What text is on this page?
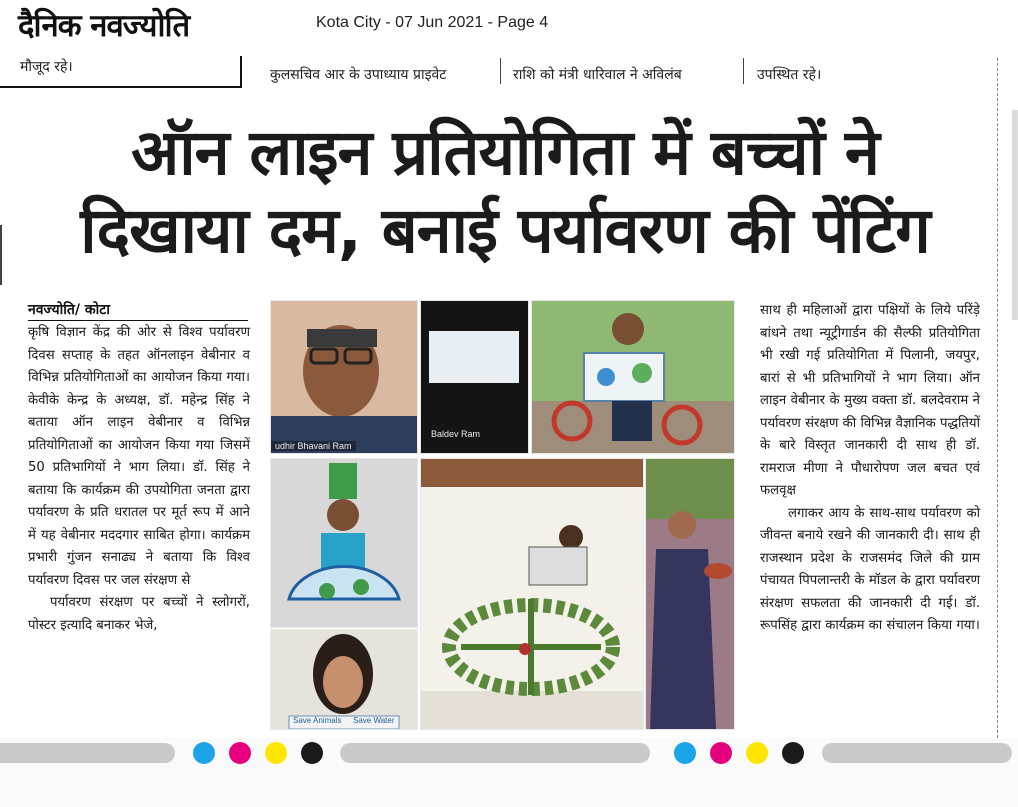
दैनिक नवज्योति	Kota City - 07 Jun 2021 - Page 4
मौजूद रहे।	कुलसचिव आर के उपाध्याय प्राइवेट	राशि को मंत्री धारिवाल ने अविलंब	उपस्थित रहे।
ऑन लाइन प्रतियोगिता में बच्चों ने
दिखाया दम, बनाई पर्यावरण की पेंटिंग
नवज्योति/ कोटा
कृषि विज्ञान केंद्र की ओर से विश्व पर्यावरण दिवस सप्ताह के तहत ऑनलाइन वेबीनार व विभिन्न प्रतियोगिताओं का आयोजन किया गया। केवीके केन्द्र के अध्यक्ष, डॉ. महेन्द्र सिंह ने बताया ऑन लाइन वेबीनार व विभिन्न प्रतियोगिताओं का आयोजन किया गया जिसमें 50 प्रतिभागियों ने भाग लिया। डॉ. सिंह ने बताया कि कार्यक्रम की उपयोगिता जनता द्वारा पर्यावरण के प्रति धरातल पर मूर्त रूप में आने में यह वेबीनार मददगार साबित होगा। कार्यक्रम प्रभारी गुंजन सनाढ्य ने बताया कि विश्व पर्यावरण दिवस पर जल संरक्षण से
पर्यावरण संरक्षण पर बच्चों ने स्लोगरों, पोस्टर इत्यादि बनाकर भेजे,
udhir Bhavani Ram
Baldev Ram
Save Animals Save Water
साथ ही महिलाओं द्वारा पक्षियों के लिये परिंड़े बांधने तथा न्यूट्रीगार्डन की सैल्फी प्रतियोगिता भी रखी गई प्रतियोगिता में पिलानी, जयपुर, बारां से भी प्रतिभागियों ने भाग लिया। ऑन लाइन वेबीनार के मुख्य वक्ता डॉ. बलदेवराम ने पर्यावरण संरक्षण की विभिन्न वैज्ञानिक पद्धतियों के बारे विस्तृत जानकारी दी साथ ही डॉ. रामराज मीणा ने पौधारोपण जल बचत एवं फलवृक्ष
लगाकर आय के साथ-साथ पर्यावरण को जीवन्त बनाये रखने की जानकारी दी। साथ ही राजस्थान प्रदेश के राजसमंद जिले की ग्राम पंचायत पिपलान्तरी के मॉडल के द्वारा पर्यावरण संरक्षण सफलता की जानकारी दी गई। डॉ. रूपसिंह द्वारा कार्यक्रम का संचालन किया गया।
